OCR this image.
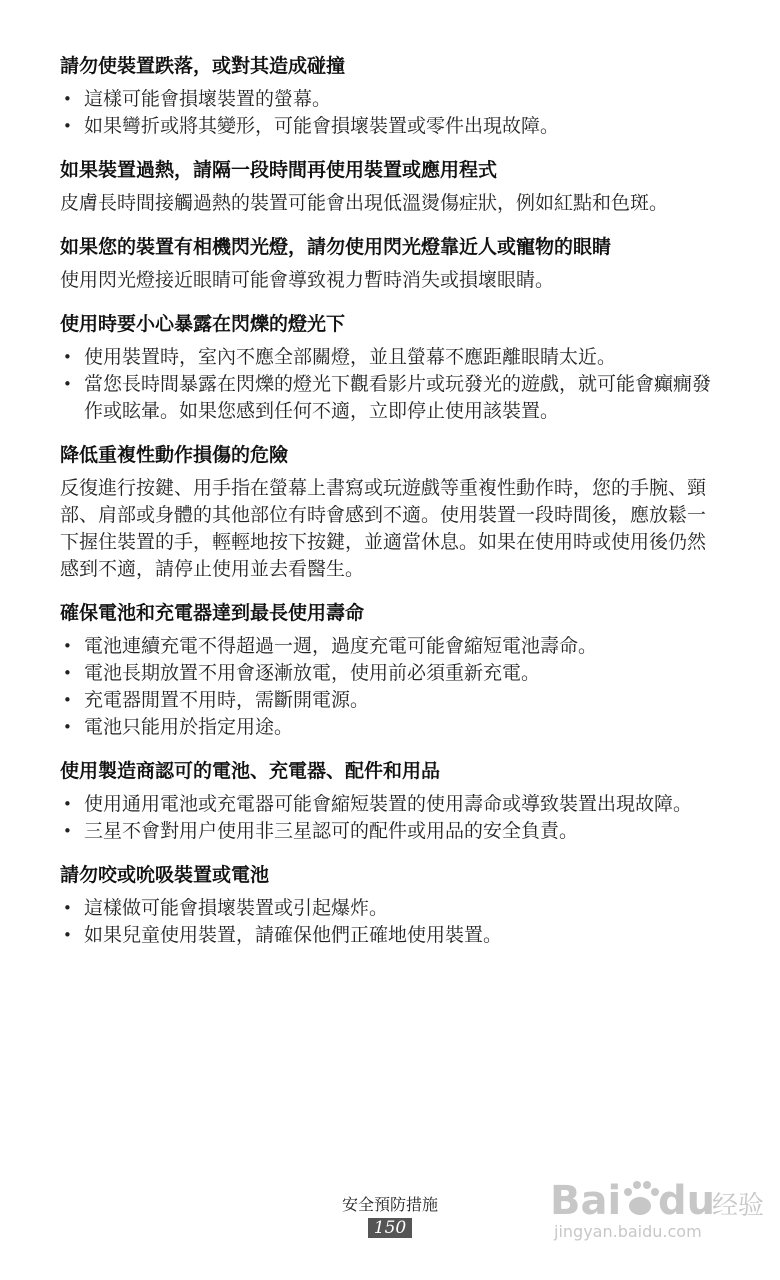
請勿使裝置跌落，或對其造成碰撞
• 這樣可能會損壞裝置的螢幕。
• 如果彎折或將其變形，可能會損壞裝置或零件出現故障。
如果裝置過熱，請隔一段時間再使用裝置或應用程式

皮膚長時間接觸過熱的裝置可能會出現低溫燙傷症狀，例如紅點和色斑。

如果您的裝置有相機閃光燈，請勿使用閃光燈靠近人或寵物的眼睛

使用閃光燈接近眼睛可能會導致視力暫時消失或損壞眼睛。

使用時要小心暴露在閃爍的燈光下
• 使用裝置時，室內不應全部關燈，並且螢幕不應距離眼睛太近。
• 當您長時間暴露在閃爍的燈光下觀看影片或玩發光的遊戲，就可能會癲癇發作或眩暈。如果您感到任何不適，立即停止使用該裝置。
降低重複性動作損傷的危險

反復進行按鍵、用手指在螢幕上書寫或玩遊戲等重複性動作時，您的手腕、頸部、肩部或身體的其他部位有時會感到不適。使用裝置一段時間後，應放鬆一下握住裝置的手，輕輕地按下按鍵，並適當休息。如果在使用時或使用後仍然感到不適，請停止使用並去看醫生。

確保電池和充電器達到最長使用壽命
• 電池連續充電不得超過一週，過度充電可能會縮短電池壽命。
• 電池長期放置不用會逐漸放電，使用前必須重新充電。
• 充電器閒置不用時，需斷開電源。
• 電池只能用於指定用途。
使用製造商認可的電池、充電器、配件和用品
• 使用通用電池或充電器可能會縮短裝置的使用壽命或導致裝置出現故障。
• 三星不會對用户使用非三星認可的配件或用品的安全負責。
請勿咬或吮吸裝置或電池
• 這樣做可能會損壞裝置或引起爆炸。
• 如果兒童使用裝置，請確保他們正確地使用裝置。
安全預防措施
150
Bai du
经验
jingyan.baidu.com
